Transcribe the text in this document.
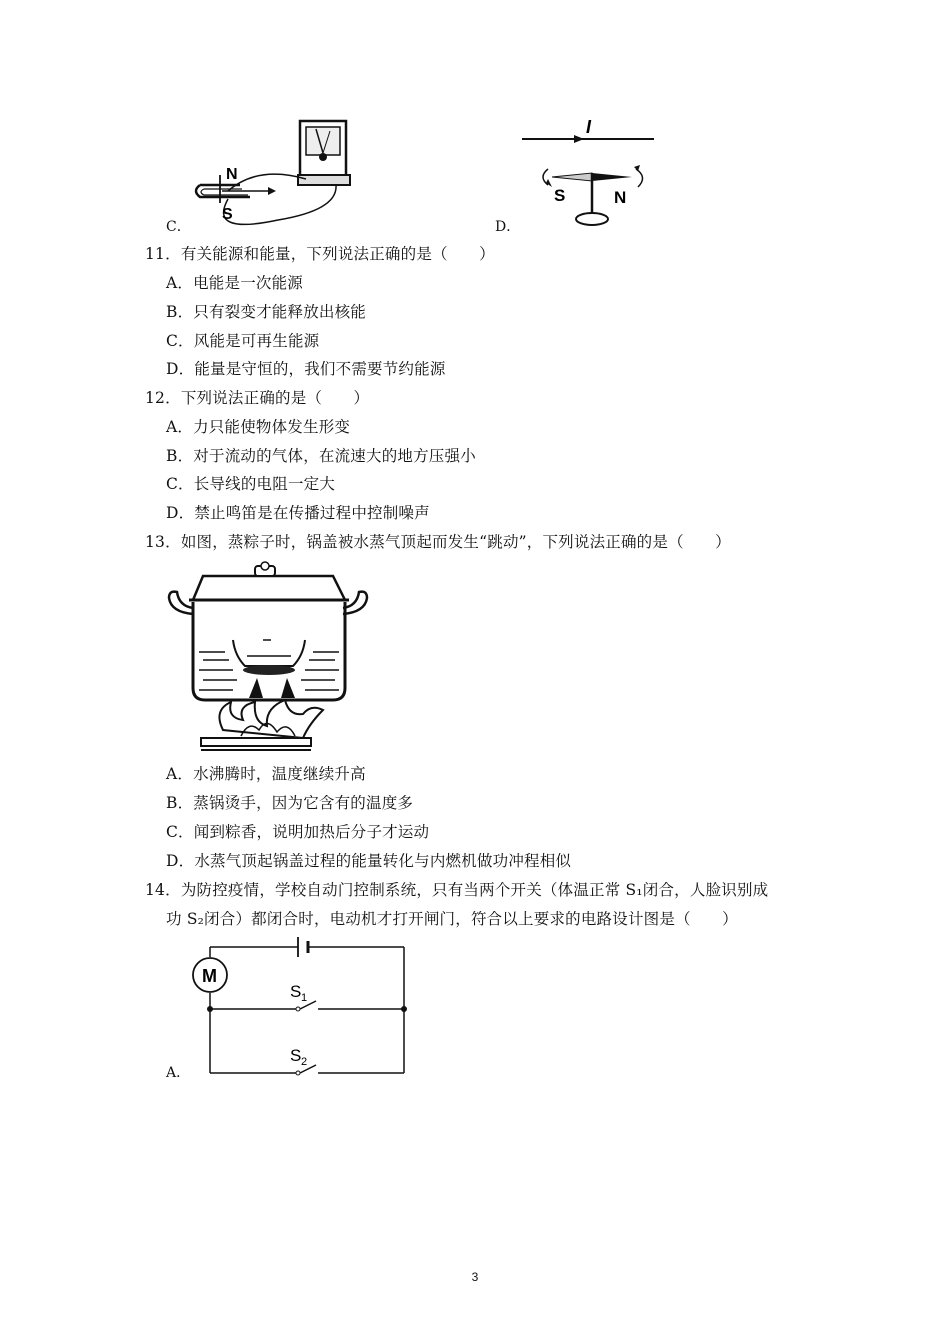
C．
N
S
D．
I
S	N
11．有关能源和能量，下列说法正确的是（　　）
A．电能是一次能源
B．只有裂变才能释放出核能
C．风能是可再生能源
D．能量是守恒的，我们不需要节约能源
12．下列说法正确的是（　　）
A．力只能使物体发生形变
B．对于流动的气体，在流速大的地方压强小
C．长导线的电阻一定大
D．禁止鸣笛是在传播过程中控制噪声
13．如图，蒸粽子时，锅盖被水蒸气顶起而发生“跳动”，下列说法正确的是（　　）
A．水沸腾时，温度继续升高
B．蒸锅烫手，因为它含有的温度多
C．闻到粽香，说明加热后分子才运动
D．水蒸气顶起锅盖过程的能量转化与内燃机做功冲程相似
14．为防控疫情，学校自动门控制系统，只有当两个开关（体温正常 S₁闭合，人脸识别成
功 S₂闭合）都闭合时，电动机才打开闸门，符合以上要求的电路设计图是（　　）
A．
M
S 1
S 2
3
